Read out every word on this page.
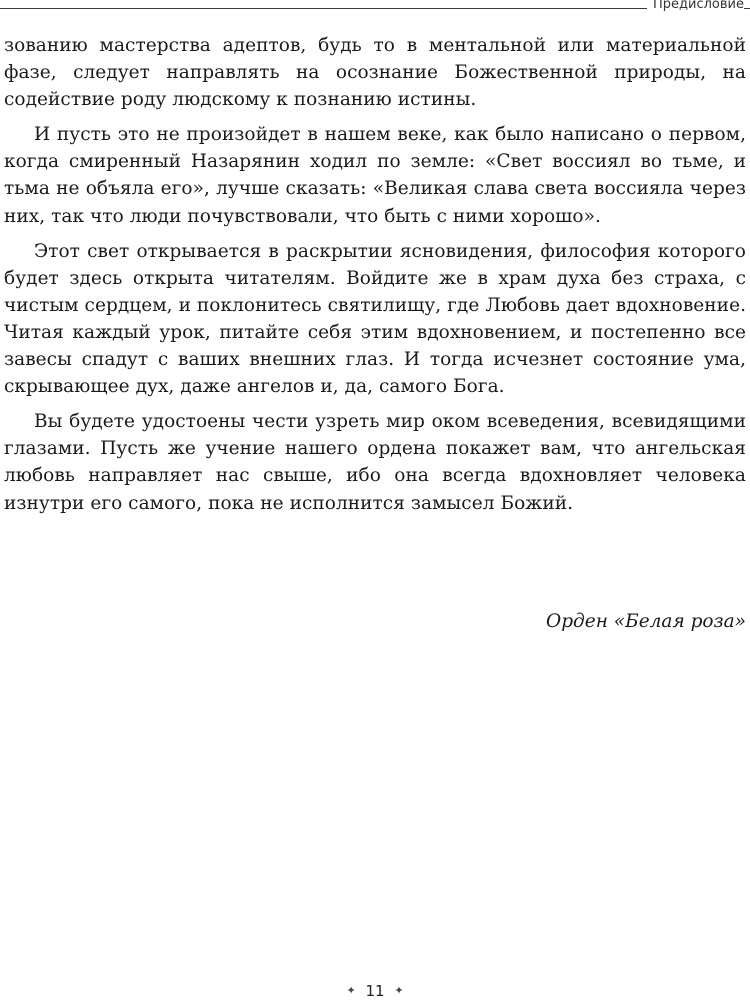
Предисловие

зованию мастерства адептов, будь то в ментальной или материальной фазе, следует направлять на осознание Божественной природы, на содействие роду людскому к познанию истины.

И пусть это не произойдет в нашем веке, как было написано о первом, когда смиренный Назарянин ходил по земле: «Свет воссиял во тьме, и тьма не объяла его», лучше сказать: «Великая слава света воссияла через них, так что люди почувствовали, что быть с ними хорошо».

Этот свет открывается в раскрытии ясновидения, философия которого будет здесь открыта читателям. Войдите же в храм духа без страха, с чистым сердцем, и поклонитесь святилищу, где Любовь дает вдохновение. Читая каждый урок, питайте себя этим вдохновением, и постепенно все завесы спадут с ваших внешних глаз. И тогда исчезнет состояние ума, скрывающее дух, даже ангелов и, да, самого Бога.

Вы будете удостоены чести узреть мир оком всеведения, всевидящими глазами. Пусть же учение нашего ордена покажет вам, что ангельская любовь направляет нас свыше, ибо она всегда вдохновляет человека изнутри его самого, пока не исполнится замысел Божий.

Орден «Белая роза»
✦ 11 ✦
